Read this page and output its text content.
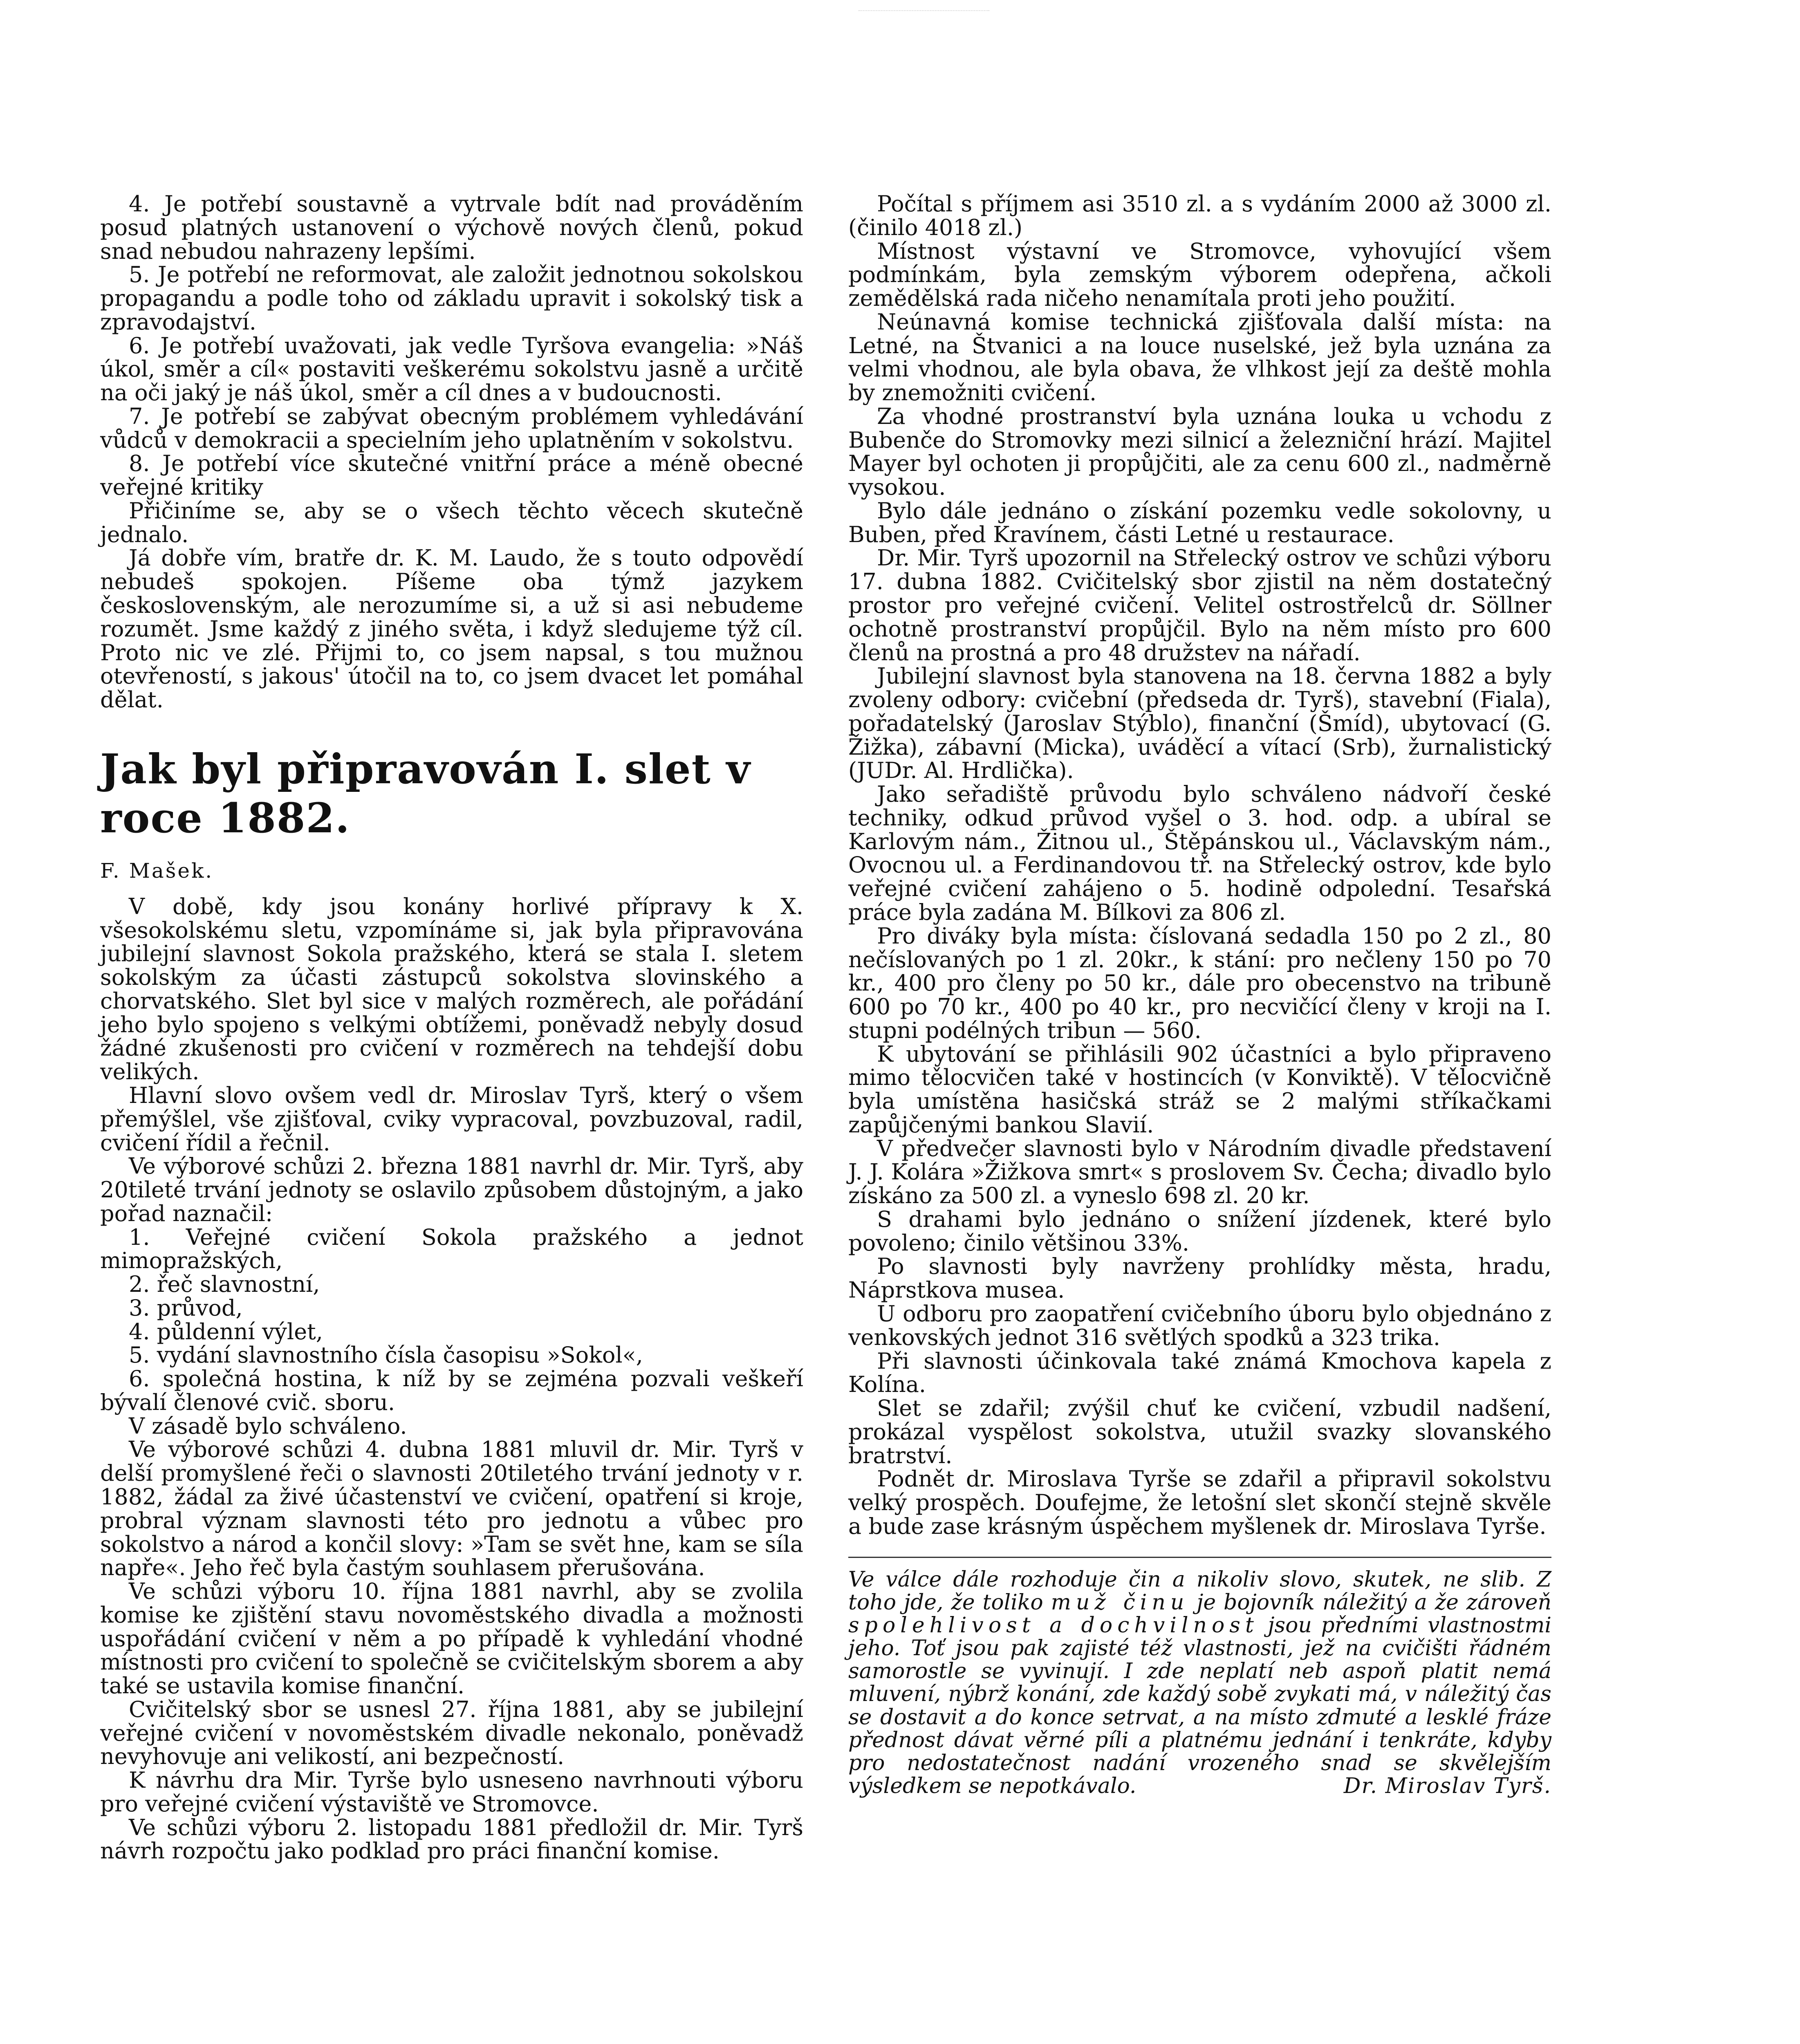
4. Je potřebí soustavně a vytrvale bdít nad prováděním posud platných ustanovení o výchově nových členů, pokud snad nebudou nahrazeny lepšími.

5. Je potřebí ne reformovat, ale založit jednotnou sokolskou propagandu a podle toho od základu upravit i sokolský tisk a zpravodajství.

6. Je potřebí uvažovati, jak vedle Tyršova evangelia: »Náš úkol, směr a cíl« postaviti veškerému sokolstvu jasně a určitě na oči jaký je náš úkol, směr a cíl dnes a v budoucnosti.

7. Je potřebí se zabývat obecným problémem vyhledávání vůdců v demokracii a specielním jeho uplatněním v sokolstvu.

8. Je potřebí více skutečné vnitřní práce a méně obecné veřejné kritiky

Přičiníme se, aby se o všech těchto věcech skutečně jednalo.

Já dobře vím, bratře dr. K. M. Laudo, že s touto odpovědí nebudeš spokojen. Píšeme oba týmž jazykem československým, ale nerozumíme si, a už si asi nebudeme rozumět. Jsme každý z jiného světa, i když sledujeme týž cíl. Proto nic ve zlé. Přijmi to, co jsem napsal, s tou mužnou otevřeností, s jakous' útočil na to, co jsem dvacet let pomáhal dělat.

Jak byl připravován I. slet v roce 1882.

F. Mašek.

V době, kdy jsou konány horlivé přípravy k X. všesokolskému sletu, vzpomínáme si, jak byla připravována jubilejní slavnost Sokola pražského, která se stala I. sletem sokolským za účasti zástupců sokolstva slovinského a chorvatského. Slet byl sice v malých rozměrech, ale pořádání jeho bylo spojeno s velkými obtížemi, poněvadž nebyly dosud žádné zkušenosti pro cvičení v rozměrech na tehdejší dobu velikých.

Hlavní slovo ovšem vedl dr. Miroslav Tyrš, který o všem přemýšlel, vše zjišťoval, cviky vypracoval, povzbuzoval, radil, cvičení řídil a řečnil.

Ve výborové schůzi 2. března 1881 navrhl dr. Mir. Tyrš, aby 20tileté trvání jednoty se oslavilo způsobem důstojným, a jako pořad naznačil:

1. Veřejné cvičení Sokola pražského a jednot mimopražských,

2. řeč slavnostní,

3. průvod,

4. půldenní výlet,

5. vydání slavnostního čísla časopisu »Sokol«,

6. společná hostina, k níž by se zejména pozvali veškeří bývalí členové cvič. sboru.

V zásadě bylo schváleno.

Ve výborové schůzi 4. dubna 1881 mluvil dr. Mir. Tyrš v delší promyšlené řeči o slavnosti 20tiletého trvání jednoty v r. 1882, žádal za živé účastenství ve cvičení, opatření si kroje, probral význam slavnosti této pro jednotu a vůbec pro sokolstvo a národ a končil slovy: »Tam se svět hne, kam se síla napře«. Jeho řeč byla častým souhlasem přerušována.

Ve schůzi výboru 10. října 1881 navrhl, aby se zvolila komise ke zjištění stavu novoměstského divadla a možnosti uspořádání cvičení v něm a po případě k vyhledání vhodné místnosti pro cvičení to společně se cvičitelským sborem a aby také se ustavila komise finanční.

Cvičitelský sbor se usnesl 27. října 1881, aby se jubilejní veřejné cvičení v novoměstském divadle nekonalo, poněvadž nevyhovuje ani velikostí, ani bezpečností.

K návrhu dra Mir. Tyrše bylo usneseno navrhnouti výboru pro veřejné cvičení výstaviště ve Stromovce.

Ve schůzi výboru 2. listopadu 1881 předložil dr. Mir. Tyrš návrh rozpočtu jako podklad pro práci finanční komise.

Počítal s příjmem asi 3510 zl. a s vydáním 2000 až 3000 zl. (činilo 4018 zl.)

Místnost výstavní ve Stromovce, vyhovující všem podmínkám, byla zemským výborem odepřena, ačkoli zemědělská rada ničeho nenamítala proti jeho použití.

Neúnavná komise technická zjišťovala další místa: na Letné, na Štvanici a na louce nuselské, jež byla uznána za velmi vhodnou, ale byla obava, že vlhkost její za deště mohla by znemožniti cvičení.

Za vhodné prostranství byla uznána louka u vchodu z Bubenče do Stromovky mezi silnicí a železniční hrází. Majitel Mayer byl ochoten ji propůjčiti, ale za cenu 600 zl., nadměrně vysokou.

Bylo dále jednáno o získání pozemku vedle sokolovny, u Buben, před Kravínem, části Letné u restaurace.

Dr. Mir. Tyrš upozornil na Střelecký ostrov ve schůzi výboru 17. dubna 1882. Cvičitelský sbor zjistil na něm dostatečný prostor pro veřejné cvičení. Velitel ostrostřelců dr. Söllner ochotně prostranství propůjčil. Bylo na něm místo pro 600 členů na prostná a pro 48 družstev na nářadí.

Jubilejní slavnost byla stanovena na 18. června 1882 a byly zvoleny odbory: cvičební (předseda dr. Tyrš), stavební (Fiala), pořadatelský (Jaroslav Stýblo), finanční (Šmíd), ubytovací (G. Žižka), zábavní (Micka), uváděcí a vítací (Srb), žurnalistický (JUDr. Al. Hrdlička).

Jako seřadiště průvodu bylo schváleno nádvoří české techniky, odkud průvod vyšel o 3. hod. odp. a ubíral se Karlovým nám., Žitnou ul., Štěpánskou ul., Václavským nám., Ovocnou ul. a Ferdinandovou tř. na Střelecký ostrov, kde bylo veřejné cvičení zahájeno o 5. hodině odpolední. Tesařská práce byla zadána M. Bílkovi za 806 zl.

Pro diváky byla místa: číslovaná sedadla 150 po 2 zl., 80 nečíslovaných po 1 zl. 20kr., k stání: pro nečleny 150 po 70 kr., 400 pro členy po 50 kr., dále pro obecenstvo na tribuně 600 po 70 kr., 400 po 40 kr., pro necvičící členy v kroji na I. stupni podélných tribun — 560.

K ubytování se přihlásili 902 účastníci a bylo připraveno mimo tělocvičen také v hostincích (v Konviktě). V tělocvičně byla umístěna hasičská stráž se 2 malými stříkačkami zapůjčenými bankou Slavií.

V předvečer slavnosti bylo v Národním divadle představení J. J. Kolára »Žižkova smrt« s proslovem Sv. Čecha; divadlo bylo získáno za 500 zl. a vyneslo 698 zl. 20 kr.

S drahami bylo jednáno o snížení jízdenek, které bylo povoleno; činilo většinou 33%.

Po slavnosti byly navrženy prohlídky města, hradu, Náprstkova musea.

U odboru pro zaopatření cvičebního úboru bylo objednáno z venkovských jednot 316 světlých spodků a 323 trika.

Při slavnosti účinkovala také známá Kmochova kapela z Kolína.

Slet se zdařil; zvýšil chuť ke cvičení, vzbudil nadšení, prokázal vyspělost sokolstva, utužil svazky slovanského bratrství.

Podnět dr. Miroslava Tyrše se zdařil a připravil sokolstvu velký prospěch. Doufejme, že letošní slet skončí stejně skvěle a bude zase krásným úspěchem myšlenek dr. Miroslava Tyrše.

Ve válce dále rozhoduje čin a nikoliv slovo, skutek, ne slib. Z toho jde, že toliko muž činu je bojovník náležitý a že zároveň spolehlivost a dochvilnost jsou předními vlastnostmi jeho. Toť jsou pak zajisté též vlastnosti, jež na cvičišti řádném samorostle se vyvinují. I zde neplatí neb aspoň platit nemá mluvení, nýbrž konání, zde každý sobě zvykati má, v náležitý čas se dostavit a do konce setrvat, a na místo zdmuté a lesklé fráze přednost dávat věrné píli a platnému jednání i tenkráte, kdyby pro nedostatečnost nadání vrozeného snad se skvělejším výsledkem se nepotkávalo.	Dr. Miroslav Tyrš.
